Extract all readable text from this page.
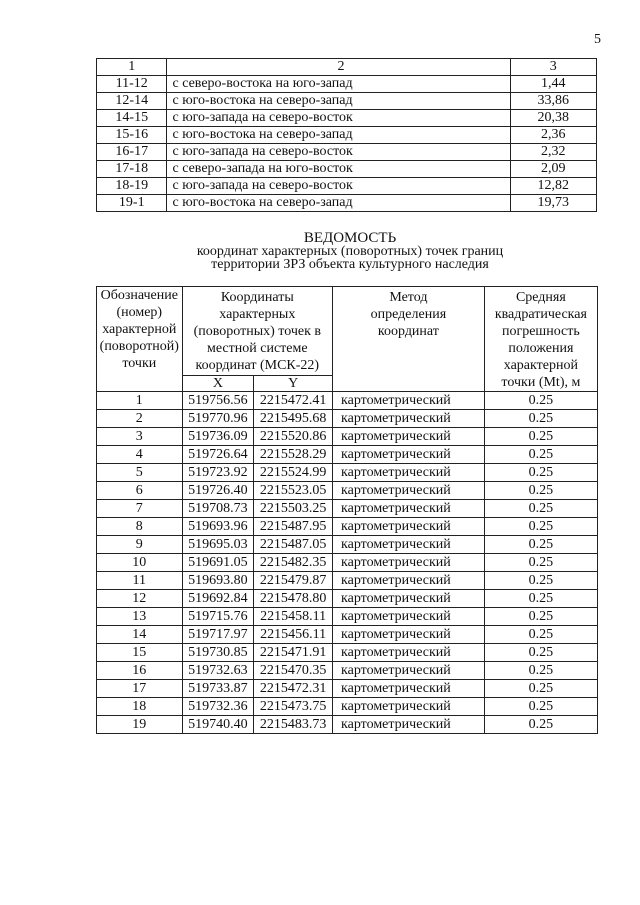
5
1	2	3
11-12	с северо-востока на юго-запад	1,44
12-14	с юго-востока на северо-запад	33,86
14-15	с юго-запада на северо-восток	20,38
15-16	с юго-востока на северо-запад	2,36
16-17	с юго-запада на северо-восток	2,32
17-18	с северо-запада на юго-восток	2,09
18-19	с юго-запада на северо-восток	12,82
19-1	с юго-востока на северо-запад	19,73
ВЕДОМОСТЬ
координат характерных (поворотных) точек границ
территории ЗРЗ объекта культурного наследия
Обозначение (номер) характерной (поворотной) точки	Координаты характерных (поворотных) точек в местной системе координат (МСК-22)		Метод определения координат	Средняя квадратическая погрешность положения характерной точки (Mt), м
	X	Y		
1	519756.56	2215472.41	картометрический	0.25
2	519770.96	2215495.68	картометрический	0.25
3	519736.09	2215520.86	картометрический	0.25
4	519726.64	2215528.29	картометрический	0.25
5	519723.92	2215524.99	картометрический	0.25
6	519726.40	2215523.05	картометрический	0.25
7	519708.73	2215503.25	картометрический	0.25
8	519693.96	2215487.95	картометрический	0.25
9	519695.03	2215487.05	картометрический	0.25
10	519691.05	2215482.35	картометрический	0.25
11	519693.80	2215479.87	картометрический	0.25
12	519692.84	2215478.80	картометрический	0.25
13	519715.76	2215458.11	картометрический	0.25
14	519717.97	2215456.11	картометрический	0.25
15	519730.85	2215471.91	картометрический	0.25
16	519732.63	2215470.35	картометрический	0.25
17	519733.87	2215472.31	картометрический	0.25
18	519732.36	2215473.75	картометрический	0.25
19	519740.40	2215483.73	картометрический	0.25
